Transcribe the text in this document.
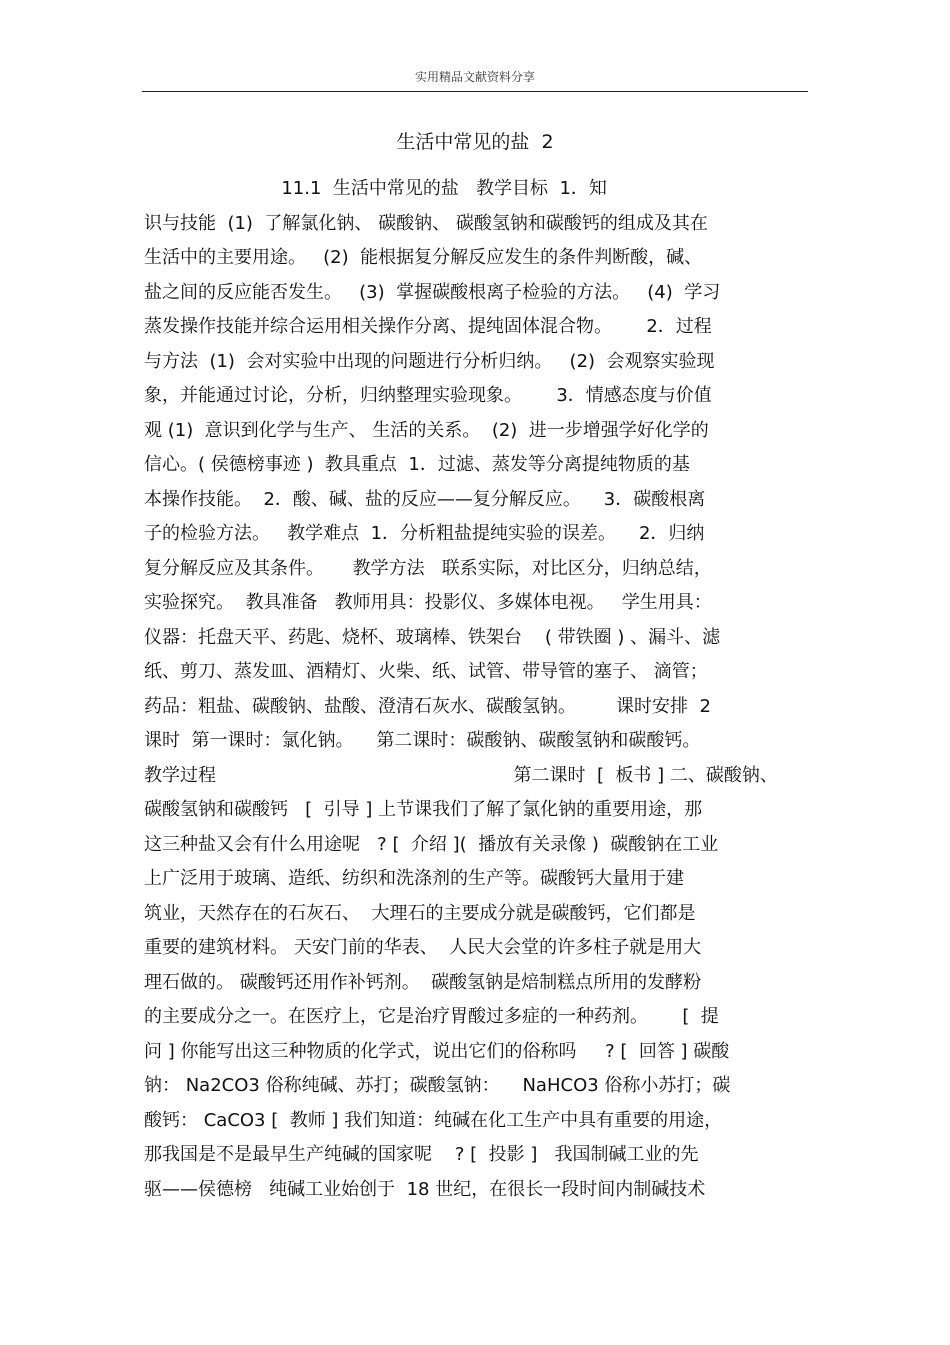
实用精品文献资料分享
生活中常见的盐  2
11.1  生活中常见的盐   教学目标  1．知
识与技能  (1)  了解氯化钠、 碳酸钠、 碳酸氢钠和碳酸钙的组成及其在
生活中的主要用途。   (2)  能根据复分解反应发生的条件判断酸，碱、
盐之间的反应能否发生。   (3)  掌握碳酸根离子检验的方法。   (4)  学习
蒸发操作技能并综合运用相关操作分离、提纯固体混合物。      2．过程
与方法  (1)  会对实验中出现的问题进行分析归纳。   (2)  会观察实验现
象，并能通过讨论，分析，归纳整理实验现象。      3．情感态度与价值
观 (1)  意识到化学与生产、 生活的关系。  (2)  进一步增强学好化学的
信心。( 侯德榜事迹 )  教具重点  1．过滤、蒸发等分离提纯物质的基
本操作技能。  2．酸、碱、盐的反应——复分解反应。    3．碳酸根离
子的检验方法。   教学难点  1．分析粗盐提纯实验的误差。    2．归纳
复分解反应及其条件。     教学方法   联系实际，对比区分，归纳总结，
实验探究。  教具准备   教师用具：投影仪、多媒体电视。   学生用具：
仪器：托盘天平、药匙、烧杯、玻璃棒、铁架台    ( 带铁圈 ) 、漏斗、滤
纸、剪刀、蒸发皿、酒精灯、火柴、纸、试管、带导管的塞子、 滴管；
药品：粗盐、碳酸钠、盐酸、澄清石灰水、碳酸氢钠。       课时安排  2
课时  第一课时：氯化钠。    第二课时：碳酸钠、碳酸氢钠和碳酸钙。
教学过程                                                    第二课时  [  板书 ] 二、碳酸钠、
碳酸氢钠和碳酸钙   [  引导 ] 上节课我们了解了氯化钠的重要用途，那
这三种盐又会有什么用途呢   ? [  介绍 ](  播放有关录像 )  碳酸钠在工业
上广泛用于玻璃、造纸、纺织和洗涤剂的生产等。碳酸钙大量用于建
筑业，天然存在的石灰石、  大理石的主要成分就是碳酸钙，它们都是
重要的建筑材料。 天安门前的华表、  人民大会堂的许多柱子就是用大
理石做的。 碳酸钙还用作补钙剂。  碳酸氢钠是焙制糕点所用的发酵粉
的主要成分之一。在医疗上，它是治疗胃酸过多症的一种药剂。      [  提
问 ] 你能写出这三种物质的化学式，说出它们的俗称吗     ? [  回答 ] 碳酸
钠： Na2CO3 俗称纯碱、苏打；碳酸氢钠：    NaHCO3 俗称小苏打；碳
酸钙： CaCO3 [  教师 ] 我们知道：纯碱在化工生产中具有重要的用途，
那我国是不是最早生产纯碱的国家呢    ? [  投影 ]   我国制碱工业的先
驱——侯德榜   纯碱工业始创于  18 世纪，在很长一段时间内制碱技术
